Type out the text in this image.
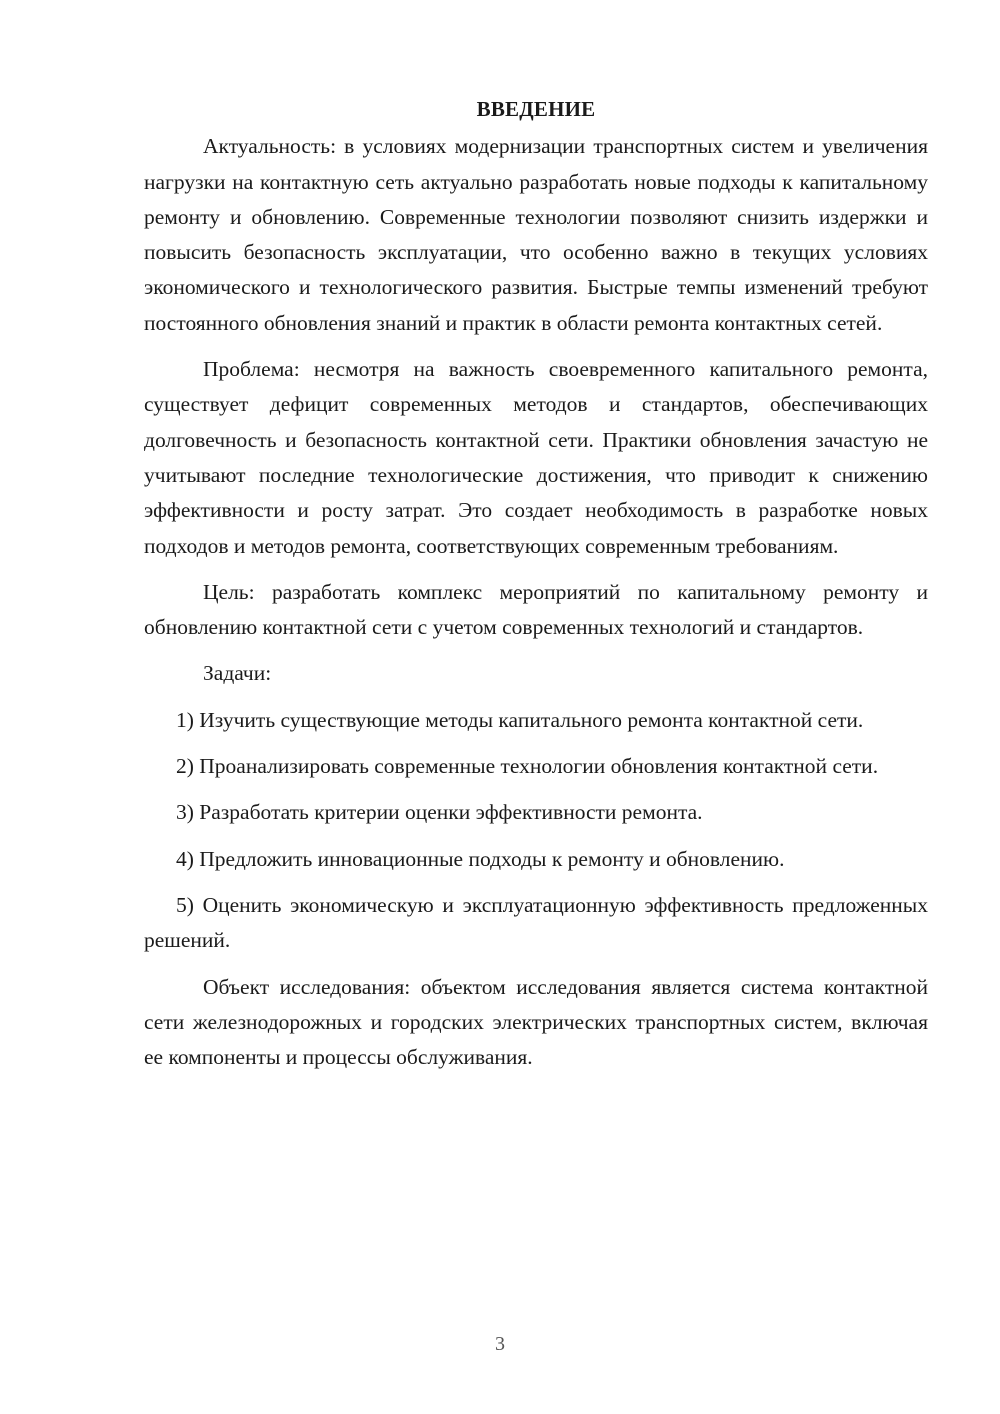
ВВЕДЕНИЕ

Актуальность: в условиях модернизации транспортных систем и увеличения нагрузки на контактную сеть актуально разработать новые подходы к капитальному ремонту и обновлению. Современные технологии позволяют снизить издержки и повысить безопасность эксплуатации, что особенно важно в текущих условиях экономического и технологического развития. Быстрые темпы изменений требуют постоянного обновления знаний и практик в области ремонта контактных сетей.

Проблема: несмотря на важность своевременного капитального ремонта, существует дефицит современных методов и стандартов, обеспечивающих долговечность и безопасность контактной сети. Практики обновления зачастую не учитывают последние технологические достижения, что приводит к снижению эффективности и росту затрат. Это создает необходимость в разработке новых подходов и методов ремонта, соответствующих современным требованиям.

Цель: разработать комплекс мероприятий по капитальному ремонту и обновлению контактной сети с учетом современных технологий и стандартов.

Задачи:

1) Изучить существующие методы капитального ремонта контактной сети.

2) Проанализировать современные технологии обновления контактной сети.

3) Разработать критерии оценки эффективности ремонта.

4) Предложить инновационные подходы к ремонту и обновлению.

5) Оценить экономическую и эксплуатационную эффективность предложенных решений.

Объект исследования: объектом исследования является система контактной сети железнодорожных и городских электрических транспортных систем, включая ее компоненты и процессы обслуживания.

3
